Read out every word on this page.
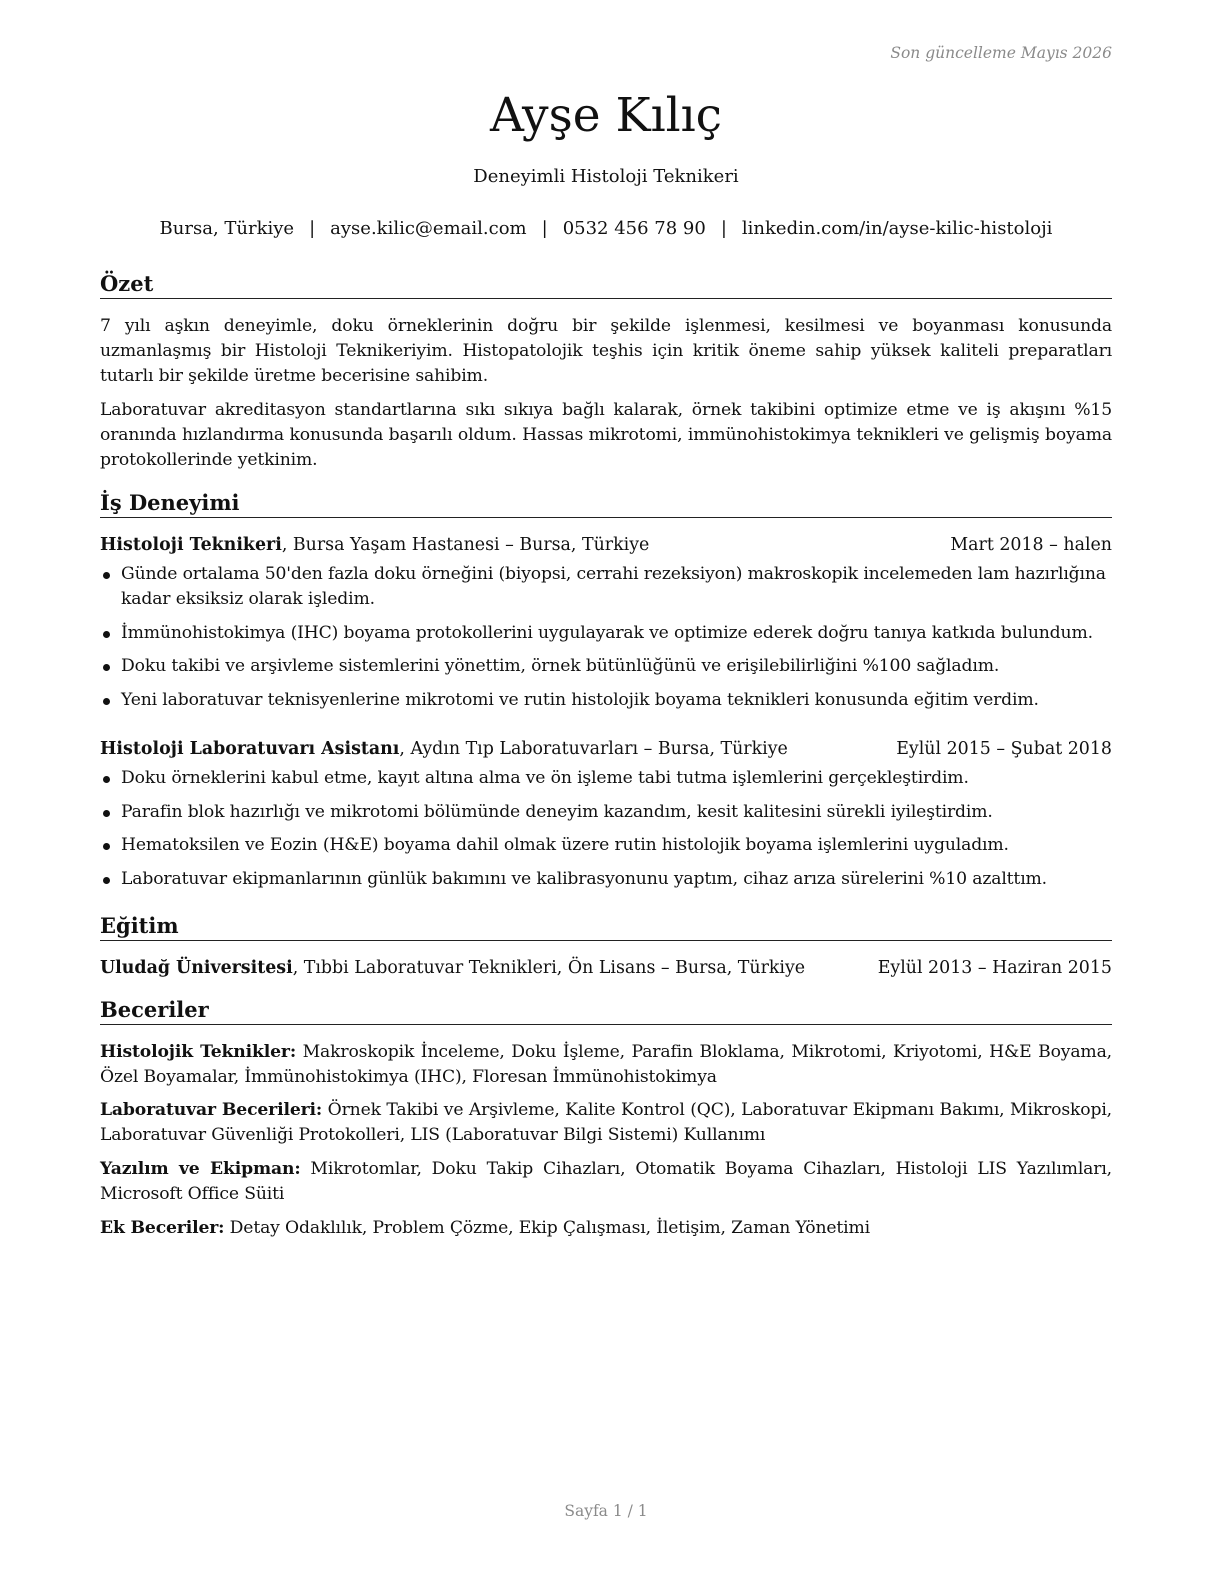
Son güncelleme Mayıs 2026
Ayşe Kılıç
Deneyimli Histoloji Teknikeri
Bursa, Türkiye | ayse.kilic@email.com | 0532 456 78 90 | linkedin.com/in/ayse-kilic-histoloji
Özet
7 yılı aşkın deneyimle, doku örneklerinin doğru bir şekilde işlenmesi, kesilmesi ve boyanması konusunda uzmanlaşmış bir Histoloji Teknikeriyim. Histopatolojik teşhis için kritik öneme sahip yüksek kaliteli preparatları tutarlı bir şekilde üretme becerisine sahibim.
Laboratuvar akreditasyon standartlarına sıkı sıkıya bağlı kalarak, örnek takibini optimize etme ve iş akışını %15 oranında hızlandırma konusunda başarılı oldum. Hassas mikrotomi, immünohistokimya teknikleri ve gelişmiş boyama protokollerinde yetkinim.
İş Deneyimi
Histoloji Teknikeri, Bursa Yaşam Hastanesi – Bursa, Türkiye	Mart 2018 – halen
Günde ortalama 50'den fazla doku örneğini (biyopsi, cerrahi rezeksiyon) makroskopik incelemeden lam hazırlığına kadar eksiksiz olarak işledim.
İmmünohistokimya (IHC) boyama protokollerini uygulayarak ve optimize ederek doğru tanıya katkıda bulundum.
Doku takibi ve arşivleme sistemlerini yönettim, örnek bütünlüğünü ve erişilebilirliğini %100 sağladım.
Yeni laboratuvar teknisyenlerine mikrotomi ve rutin histolojik boyama teknikleri konusunda eğitim verdim.
Histoloji Laboratuvarı Asistanı, Aydın Tıp Laboratuvarları – Bursa, Türkiye	Eylül 2015 – Şubat 2018
Doku örneklerini kabul etme, kayıt altına alma ve ön işleme tabi tutma işlemlerini gerçekleştirdim.
Parafin blok hazırlığı ve mikrotomi bölümünde deneyim kazandım, kesit kalitesini sürekli iyileştirdim.
Hematoksilen ve Eozin (H&E) boyama dahil olmak üzere rutin histolojik boyama işlemlerini uyguladım.
Laboratuvar ekipmanlarının günlük bakımını ve kalibrasyonunu yaptım, cihaz arıza sürelerini %10 azalttım.
Eğitim
Uludağ Üniversitesi, Tıbbi Laboratuvar Teknikleri, Ön Lisans – Bursa, Türkiye	Eylül 2013 – Haziran 2015
Beceriler
Histolojik Teknikler: Makroskopik İnceleme, Doku İşleme, Parafin Bloklama, Mikrotomi, Kriyotomi, H&E Boyama, Özel Boyamalar, İmmünohistokimya (IHC), Floresan İmmünohistokimya
Laboratuvar Becerileri: Örnek Takibi ve Arşivleme, Kalite Kontrol (QC), Laboratuvar Ekipmanı Bakımı, Mikroskopi, Laboratuvar Güvenliği Protokolleri, LIS (Laboratuvar Bilgi Sistemi) Kullanımı
Yazılım ve Ekipman: Mikrotomlar, Doku Takip Cihazları, Otomatik Boyama Cihazları, Histoloji LIS Yazılımları, Microsoft Office Süiti
Ek Beceriler: Detay Odaklılık, Problem Çözme, Ekip Çalışması, İletişim, Zaman Yönetimi
Sayfa 1 / 1
